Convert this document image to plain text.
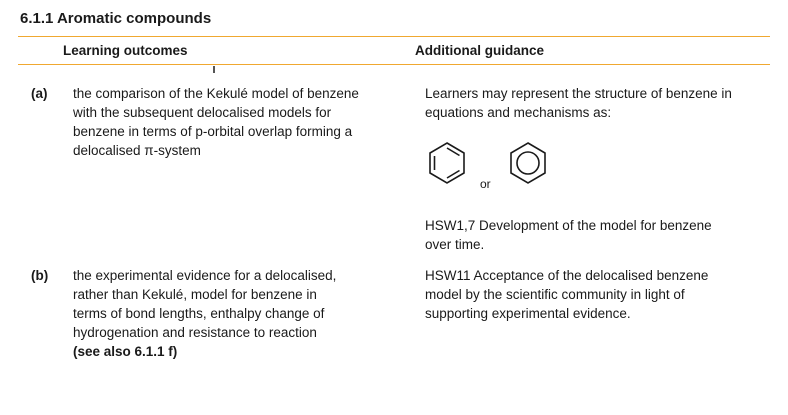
6.1.1 Aromatic compounds
Learning outcomes	Additional guidance
(a) the comparison of the Kekulé model of benzene
with the subsequent delocalised models for
benzene in terms of p-orbital overlap forming a
delocalised π-system
Learners may represent the structure of benzene in
equations and mechanisms as:
or
HSW1,7 Development of the model for benzene
over time.
(b) the experimental evidence for a delocalised,
rather than Kekulé, model for benzene in
terms of bond lengths, enthalpy change of
hydrogenation and resistance to reaction
(see also 6.1.1 f)
HSW11 Acceptance of the delocalised benzene
model by the scientific community in light of
supporting experimental evidence.
